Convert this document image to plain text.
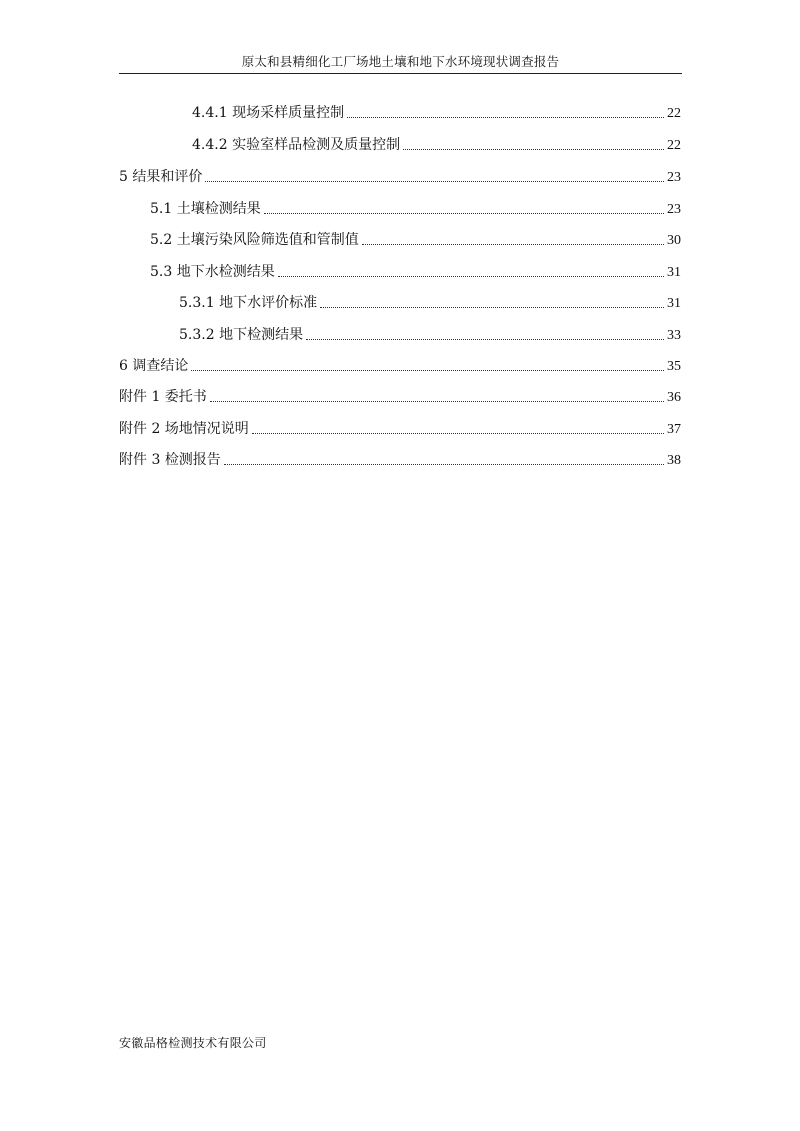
原太和县精细化工厂场地土壤和地下水环境现状调查报告
4.4.1 现场采样质量控制	22
4.4.2 实验室样品检测及质量控制	22
5 结果和评价	23
5.1 土壤检测结果	23
5.2 土壤污染风险筛选值和管制值	30
5.3 地下水检测结果	31
5.3.1 地下水评价标准	31
5.3.2 地下检测结果	33
6 调查结论	35
附件 1 委托书	36
附件 2 场地情况说明	37
附件 3 检测报告	38
安徽品格检测技术有限公司
